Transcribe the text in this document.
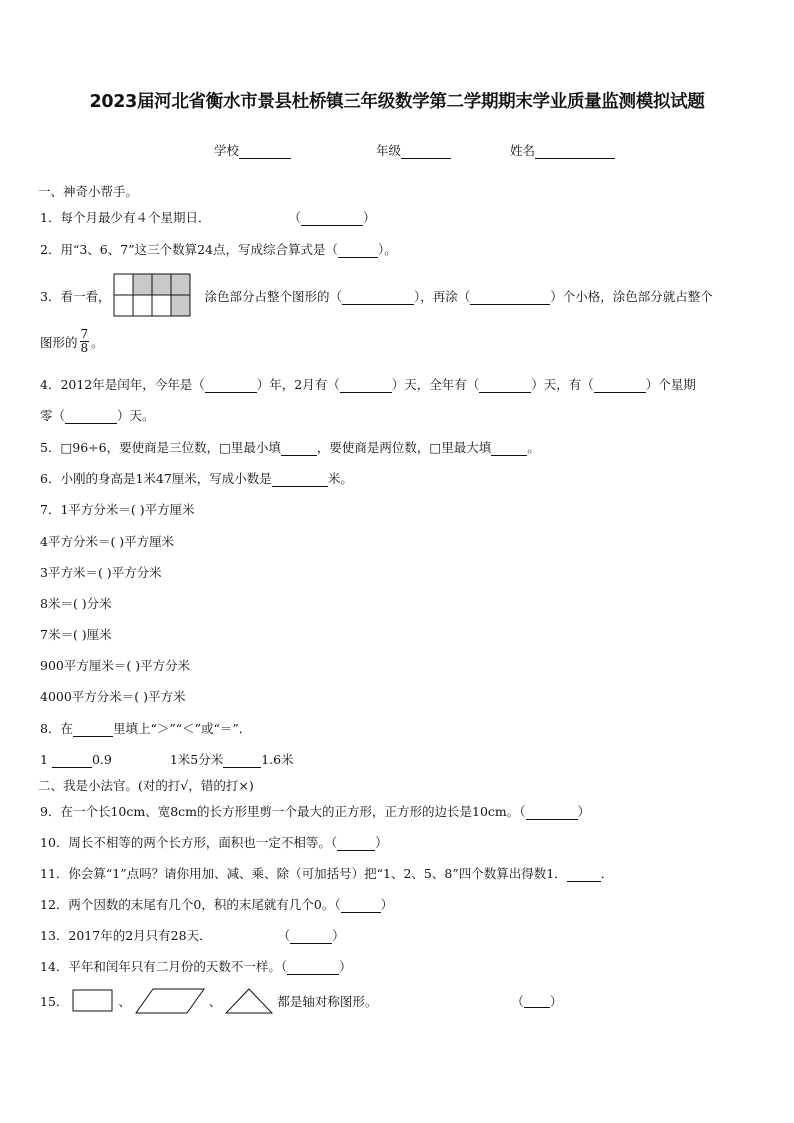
2023届河北省衡水市景县杜桥镇三年级数学第二学期期末学业质量监测模拟试题
学校	年级	姓名
一、神奇小帮手。
1．每个月最少有４个星期日．	（	）
2．用“3、6、7”这三个数算24点，写成综合算式是（	）。
3．看一看，	涂色部分占整个图形的（	），再涂（	）个小格，涂色部分就占整个
图形的 $\frac{7}{8}$ 。
4．2012年是闰年，今年是（	）年，2月有（	）天，全年有（	）天，有（	）个星期
零（	）天。
5．□96÷6，要使商是三位数，□里最小填	，要使商是两位数，□里最大填	。
6．小刚的身高是1米47厘米，写成小数是	米。
7．1平方分米＝( )平方厘米
4平方分米＝( )平方厘米
3平方米＝( )平方分米
8米＝( )分米
7米＝( )厘米
900平方厘米＝( )平方分米
4000平方分米＝( )平方米
8．在	里填上“＞”“＜”或“＝”．
1	0.9	1米5分米	1.6米
二、我是小法官。(对的打√，错的打×)
9．在一个长10cm、宽8cm的长方形里剪一个最大的正方形，正方形的边长是10cm。（	）
10．周长不相等的两个长方形，面积也一定不相等。（	）
11．你会算“1”点吗？请你用加、减、乘、除（可加括号）把“1、2、5、8”四个数算出得数1．	．
12．两个因数的末尾有几个0，积的末尾就有几个0。（	）
13．2017年的2月只有28天．	（	）
14．平年和闰年只有二月份的天数不一样。（	）
15．	、	、	都是轴对称图形。	（ ）
